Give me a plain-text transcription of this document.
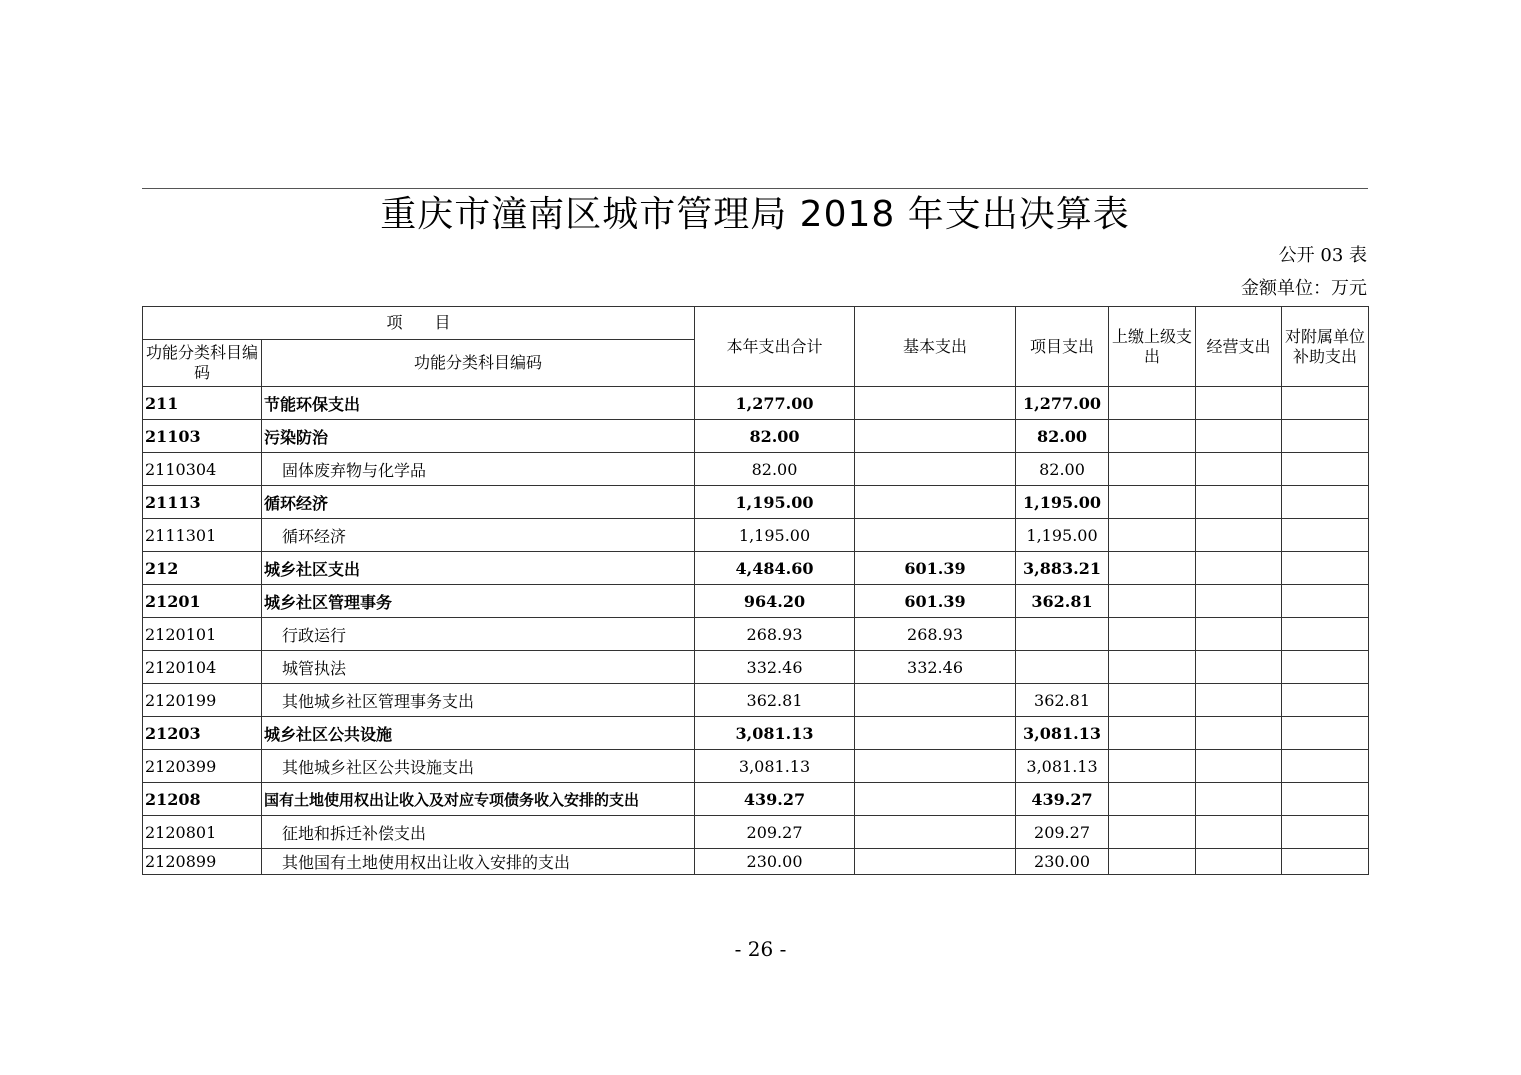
重庆市潼南区城市管理局 2018 年支出决算表
公开 03 表
金额单位：万元
项　　目		本年支出合计	基本支出	项目支出	上缴上级支出	经营支出	对附属单位补助支出
功能分类科目编码	功能分类科目编码						
211	节能环保支出	1,277.00		1,277.00			
21103	污染防治	82.00		82.00			
2110304	固体废弃物与化学品	82.00		82.00			
21113	循环经济	1,195.00		1,195.00			
2111301	循环经济	1,195.00		1,195.00			
212	城乡社区支出	4,484.60	601.39	3,883.21			
21201	城乡社区管理事务	964.20	601.39	362.81			
2120101	行政运行	268.93	268.93				
2120104	城管执法	332.46	332.46				
2120199	其他城乡社区管理事务支出	362.81		362.81			
21203	城乡社区公共设施	3,081.13		3,081.13			
2120399	其他城乡社区公共设施支出	3,081.13		3,081.13			
21208	国有土地使用权出让收入及对应专项债务收入安排的支出	439.27		439.27			
2120801	征地和拆迁补偿支出	209.27		209.27			
2120899	其他国有土地使用权出让收入安排的支出	230.00		230.00			
- 26 -
